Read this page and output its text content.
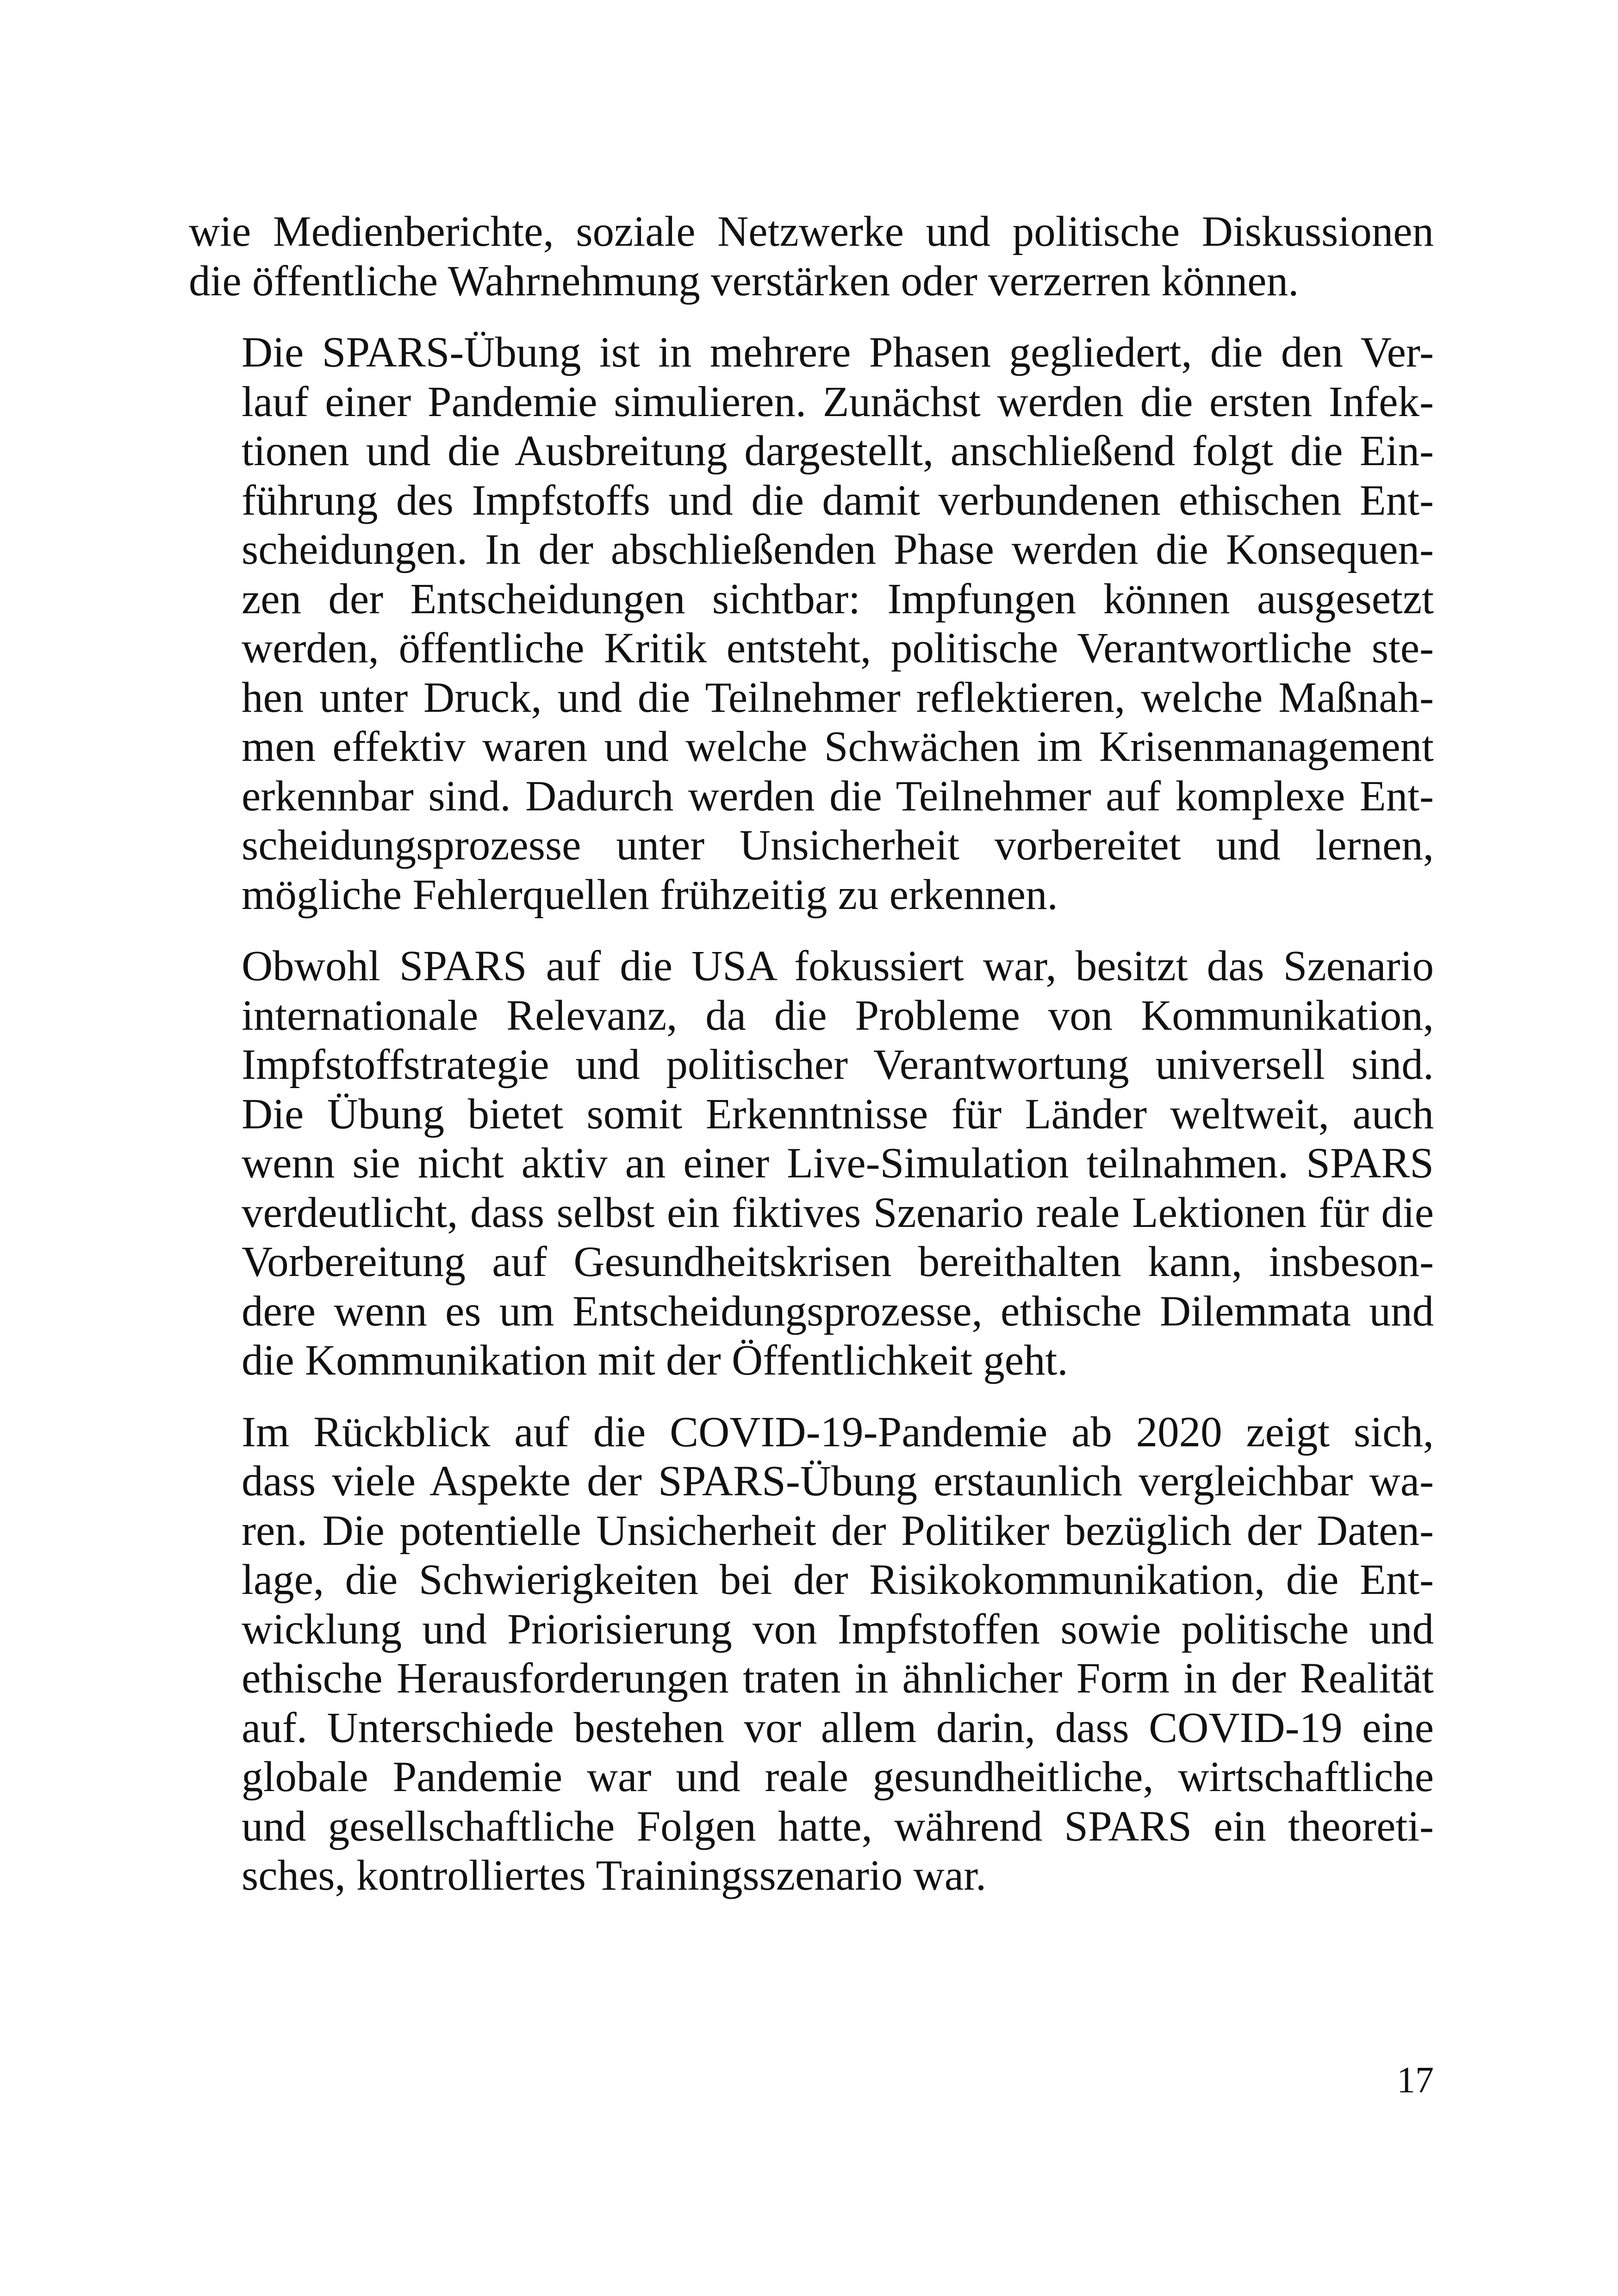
wie Medienberichte, soziale Netzwerke und politische Diskussionen
die öffentliche Wahrnehmung verstärken oder verzerren können.

Die SPARS-Übung ist in mehrere Phasen gegliedert, die den Ver-
lauf einer Pandemie simulieren. Zunächst werden die ersten Infek-
tionen und die Ausbreitung dargestellt, anschließend folgt die Ein-
führung des Impfstoffs und die damit verbundenen ethischen Ent-
scheidungen. In der abschließenden Phase werden die Konsequen-
zen der Entscheidungen sichtbar: Impfungen können ausgesetzt
werden, öffentliche Kritik entsteht, politische Verantwortliche ste-
hen unter Druck, und die Teilnehmer reflektieren, welche Maßnah-
men effektiv waren und welche Schwächen im Krisenmanagement
erkennbar sind. Dadurch werden die Teilnehmer auf komplexe Ent-
scheidungsprozesse unter Unsicherheit vorbereitet und lernen,
mögliche Fehlerquellen frühzeitig zu erkennen.

Obwohl SPARS auf die USA fokussiert war, besitzt das Szenario
internationale Relevanz, da die Probleme von Kommunikation,
Impfstoffstrategie und politischer Verantwortung universell sind.
Die Übung bietet somit Erkenntnisse für Länder weltweit, auch
wenn sie nicht aktiv an einer Live-Simulation teilnahmen. SPARS
verdeutlicht, dass selbst ein fiktives Szenario reale Lektionen für die
Vorbereitung auf Gesundheitskrisen bereithalten kann, insbeson-
dere wenn es um Entscheidungsprozesse, ethische Dilemmata und
die Kommunikation mit der Öffentlichkeit geht.

Im Rückblick auf die COVID-19-Pandemie ab 2020 zeigt sich,
dass viele Aspekte der SPARS-Übung erstaunlich vergleichbar wa-
ren. Die potentielle Unsicherheit der Politiker bezüglich der Daten-
lage, die Schwierigkeiten bei der Risikokommunikation, die Ent-
wicklung und Priorisierung von Impfstoffen sowie politische und
ethische Herausforderungen traten in ähnlicher Form in der Realität
auf. Unterschiede bestehen vor allem darin, dass COVID-19 eine
globale Pandemie war und reale gesundheitliche, wirtschaftliche
und gesellschaftliche Folgen hatte, während SPARS ein theoreti-
sches, kontrolliertes Trainingsszenario war.

17
